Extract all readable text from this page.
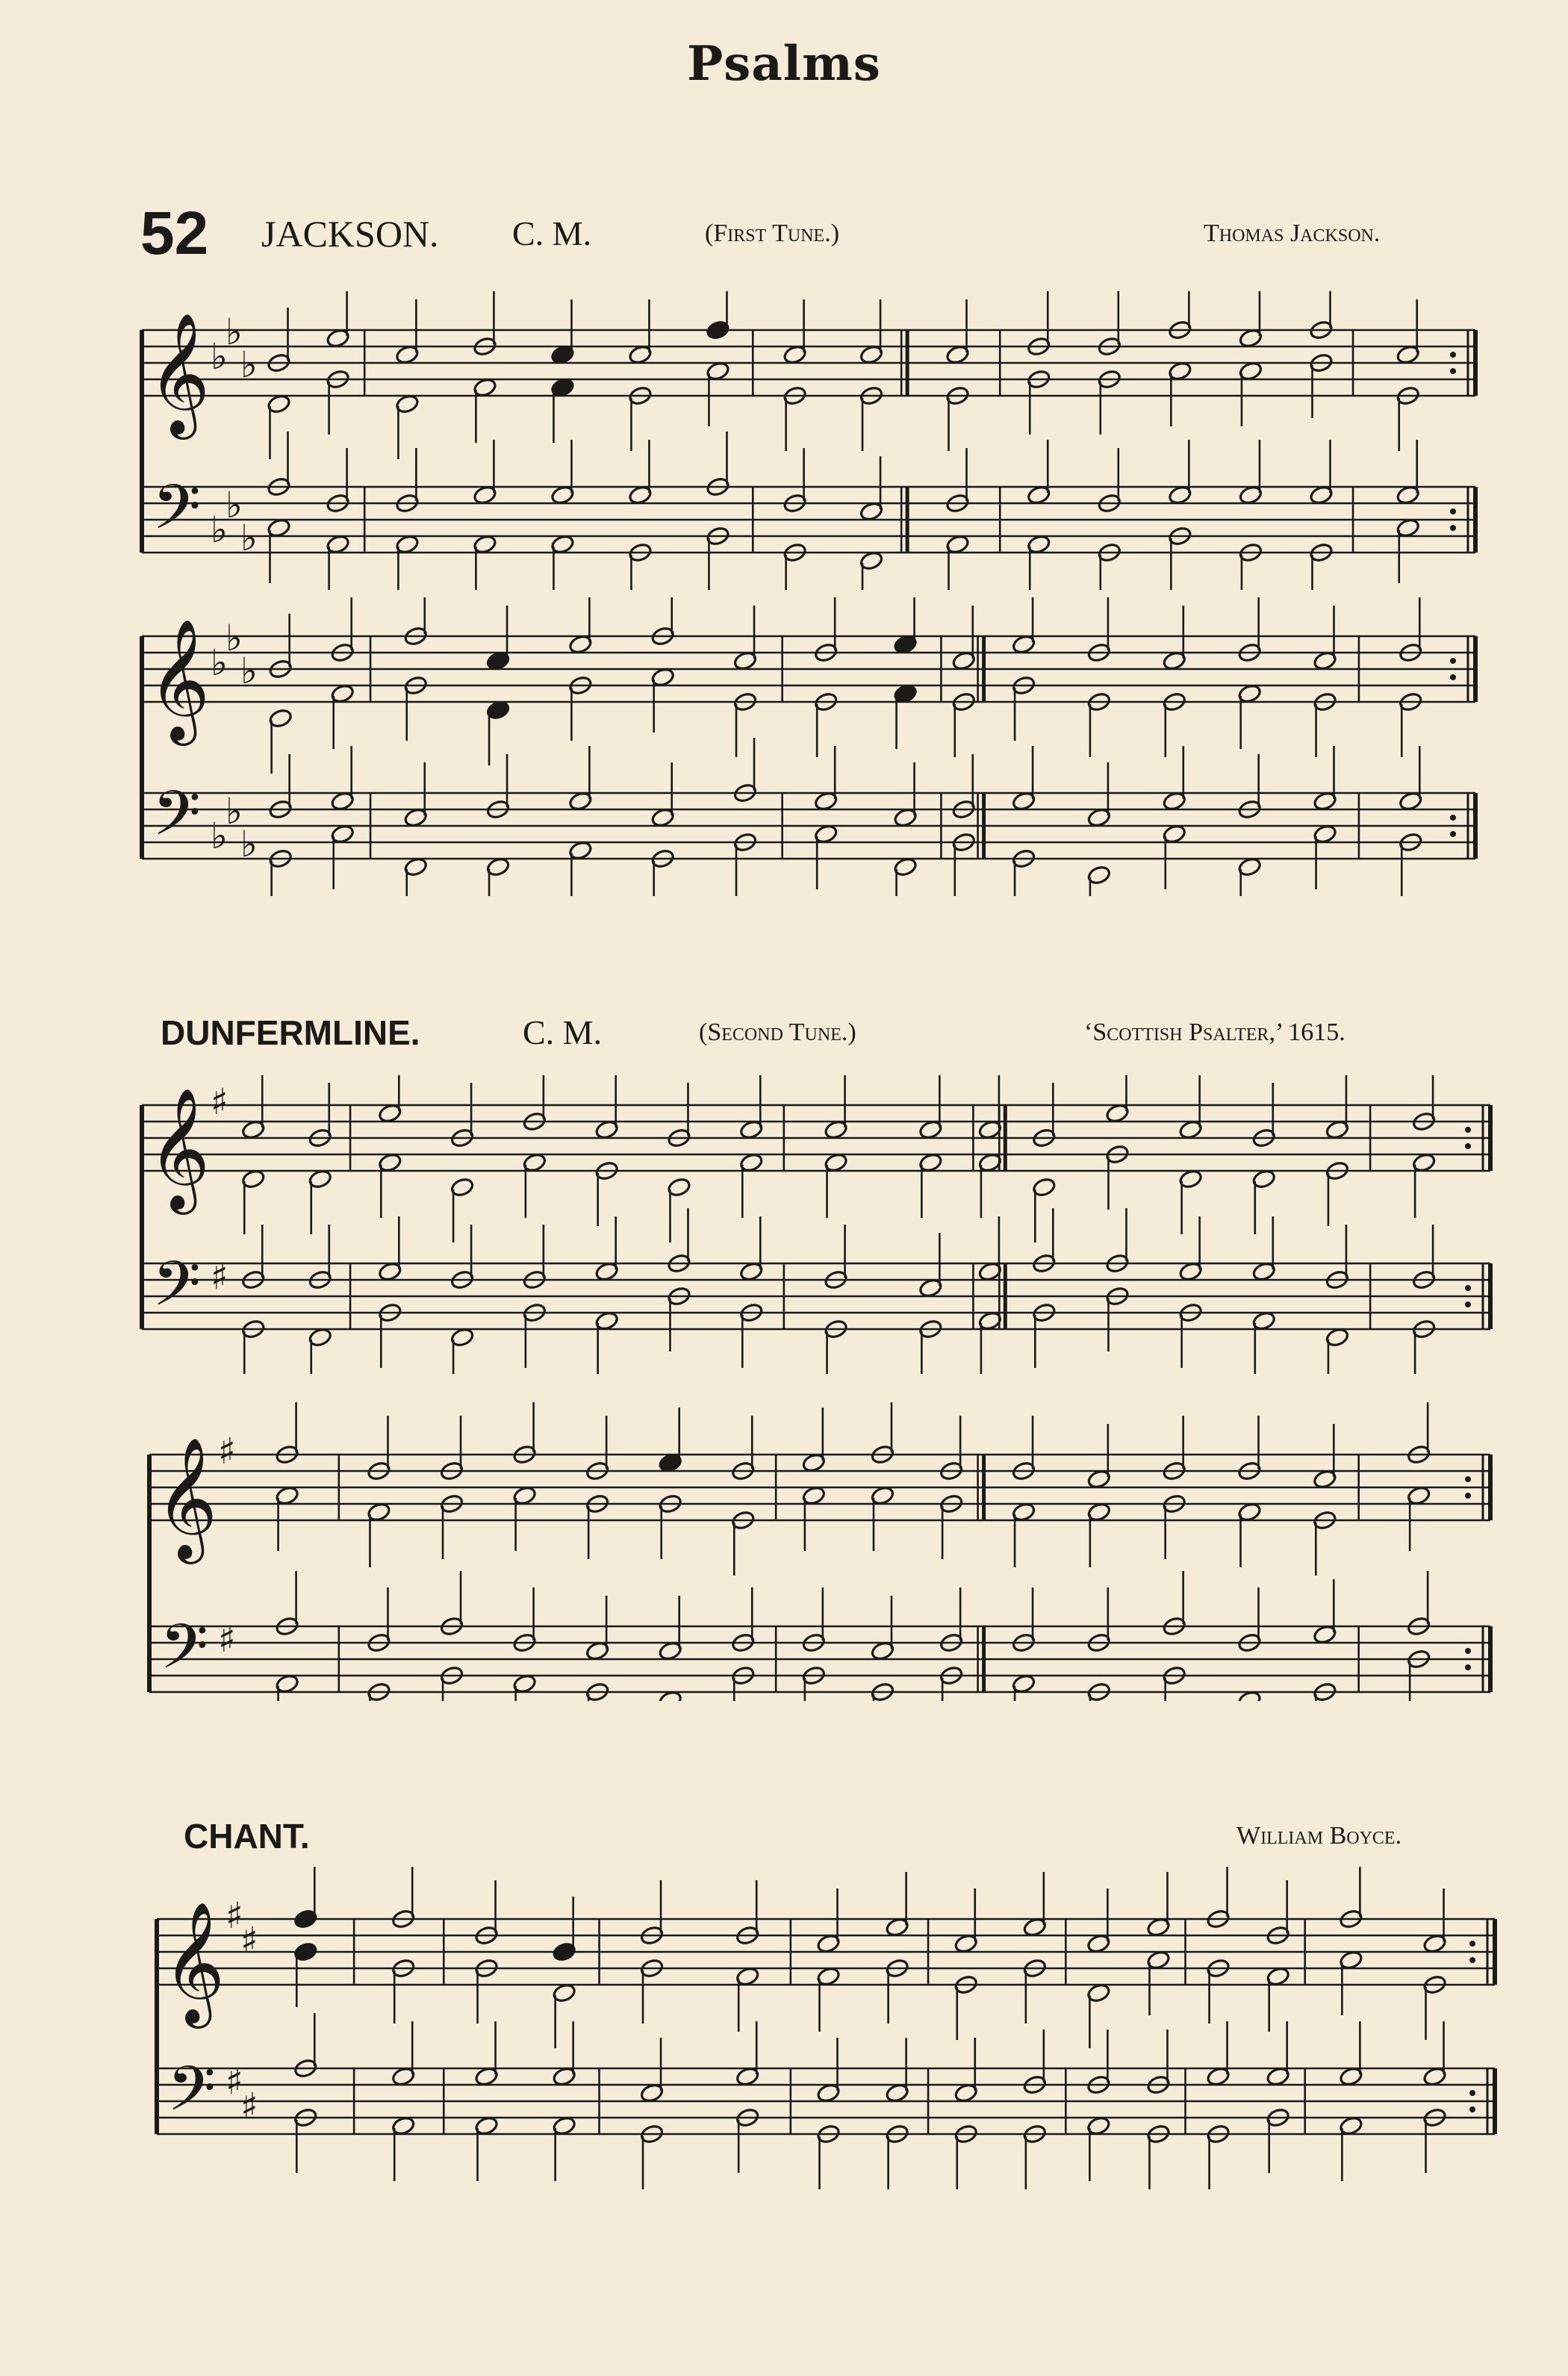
Psalms
52 JACKSON. C. M.	(First Tune.)	Thomas Jackson.
DUNFERMLINE.	C. M.	(Second Tune.)	‘Scottish Psalter,’ 1615.
CHANT.	William Boyce.
𝄞
𝄢
♭
♭
♭
♭
♭
♭
𝄞
𝄢
♭
♭
♭
♭
♭
♭
𝄞
𝄢
♯
♯
𝄞
𝄢
♯
♯
𝄞
𝄢
♯
♯
♯
♯
